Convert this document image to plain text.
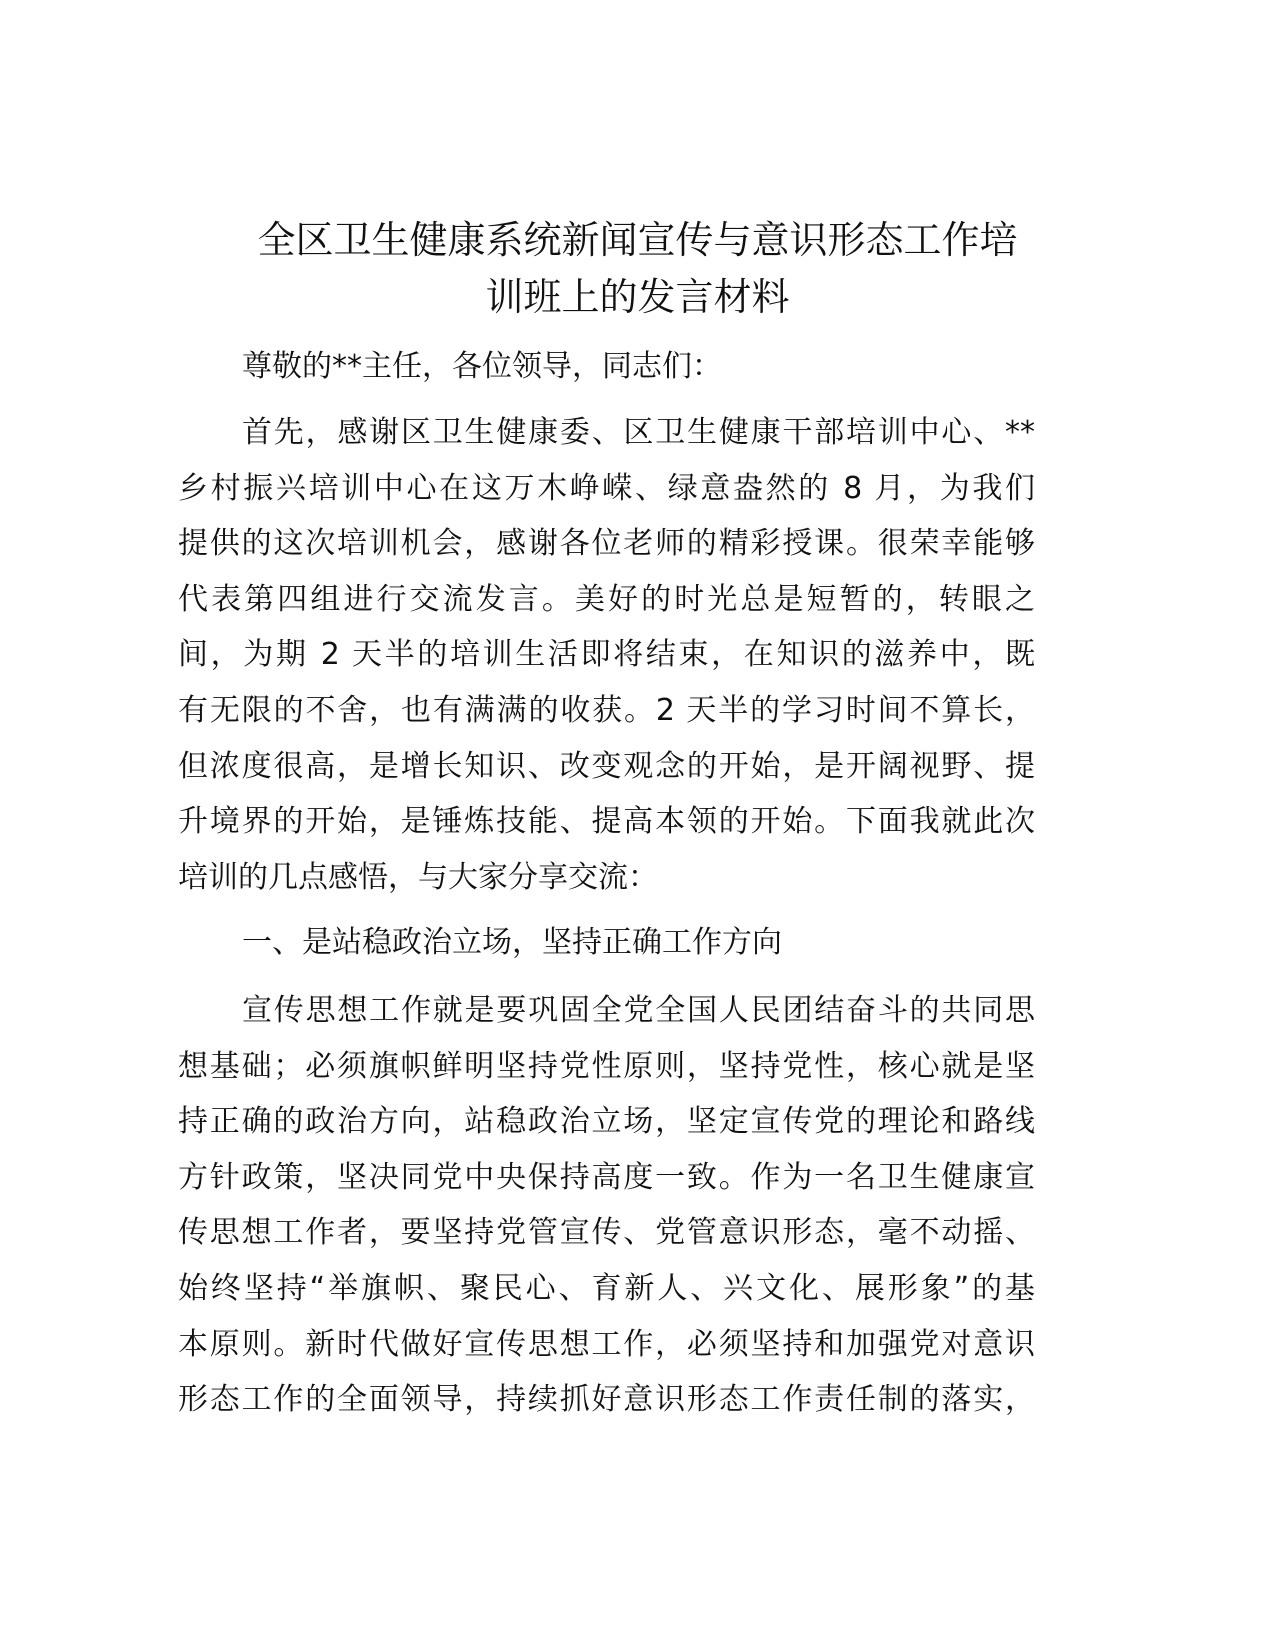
全区卫生健康系统新闻宣传与意识形态工作培
训班上的发言材料
尊敬的**主任，各位领导，同志们：
首先，感谢区卫生健康委、区卫生健康干部培训中心、**
乡村振兴培训中心在这万木峥嵘、绿意盎然的 8 月，为我们
提供的这次培训机会，感谢各位老师的精彩授课。很荣幸能够
代表第四组进行交流发言。美好的时光总是短暂的，转眼之
间，为期 2 天半的培训生活即将结束，在知识的滋养中，既
有无限的不舍，也有满满的收获。2 天半的学习时间不算长，
但浓度很高，是增长知识、改变观念的开始，是开阔视野、提
升境界的开始，是锤炼技能、提高本领的开始。下面我就此次
培训的几点感悟，与大家分享交流：
一、是站稳政治立场，坚持正确工作方向
宣传思想工作就是要巩固全党全国人民团结奋斗的共同思
想基础；必须旗帜鲜明坚持党性原则，坚持党性，核心就是坚
持正确的政治方向，站稳政治立场，坚定宣传党的理论和路线
方针政策，坚决同党中央保持高度一致。作为一名卫生健康宣
传思想工作者，要坚持党管宣传、党管意识形态，毫不动摇、
始终坚持“举旗帜、聚民心、育新人、兴文化、展形象”的基
本原则。新时代做好宣传思想工作，必须坚持和加强党对意识
形态工作的全面领导，持续抓好意识形态工作责任制的落实，
